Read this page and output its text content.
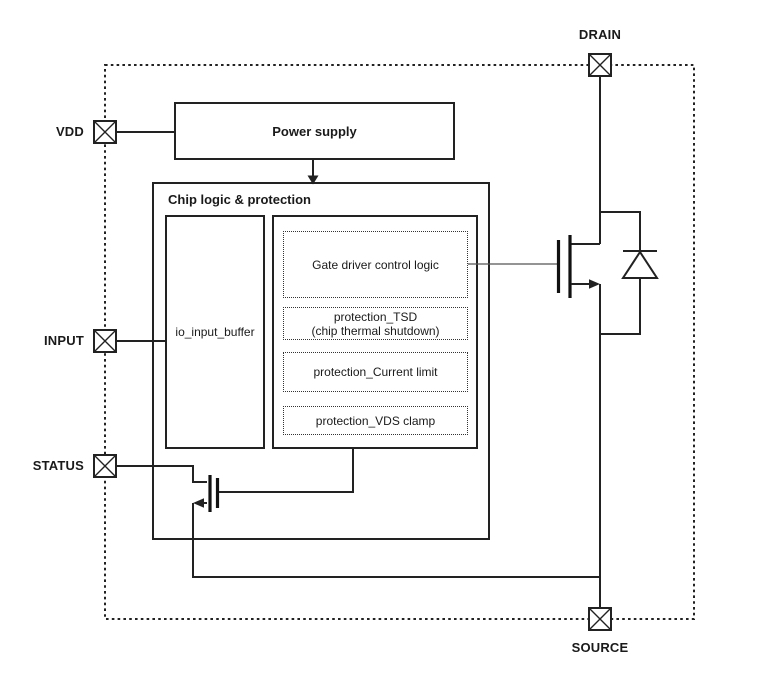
Power supply
Chip logic & protection
io_input_buffer
Gate driver control logic
protection_TSD
(chip thermal shutdown)
protection_Current limit
protection_VDS clamp
VDD
INPUT
STATUS
DRAIN
SOURCE
